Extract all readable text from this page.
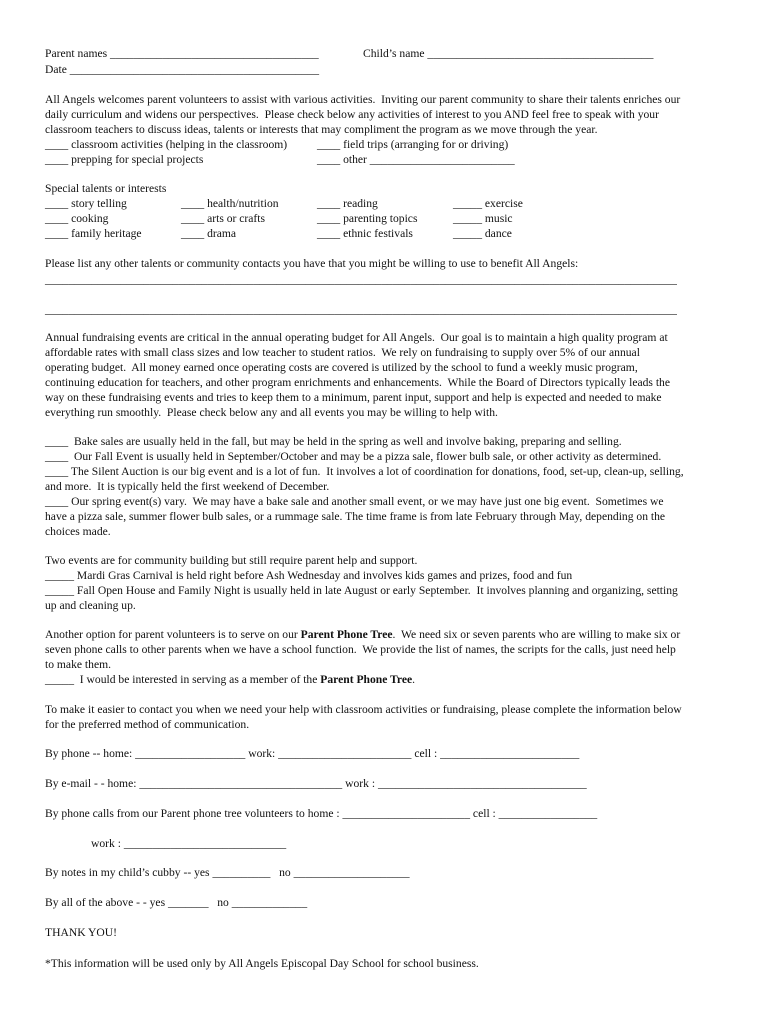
Parent names ____________________________________	Child’s name _______________________________________
Date ___________________________________________
All Angels welcomes parent volunteers to assist with various activities.  Inviting our parent community to share their talents enriches our
daily curriculum and widens our perspectives.  Please check below any activities of interest to you AND feel free to speak with your
classroom teachers to discuss ideas, talents or interests that may compliment the program as we move through the year.
____ classroom activities (helping in the classroom)	____ field trips (arranging for or driving)
____ prepping for special projects	____ other _________________________
Special talents or interests
____ story telling	____ health/nutrition	____ reading	_____ exercise
____ cooking	____ arts or crafts	____ parenting topics	_____ music
____ family heritage	____ drama	____ ethnic festivals	_____ dance
Please list any other talents or community contacts you have that you might be willing to use to benefit All Angels:
_____________________________________________________________________________________________________________
_____________________________________________________________________________________________________________
Annual fundraising events are critical in the annual operating budget for All Angels.  Our goal is to maintain a high quality program at
affordable rates with small class sizes and low teacher to student ratios.  We rely on fundraising to supply over 5% of our annual
operating budget.  All money earned once operating costs are covered is utilized by the school to fund a weekly music program,
continuing education for teachers, and other program enrichments and enhancements.  While the Board of Directors typically leads the
way on these fundraising events and tries to keep them to a minimum, parent input, support and help is expected and needed to make
everything run smoothly.  Please check below any and all events you may be willing to help with.
____  Bake sales are usually held in the fall, but may be held in the spring as well and involve baking, preparing and selling.
____  Our Fall Event is usually held in September/October and may be a pizza sale, flower bulb sale, or other activity as determined.
____ The Silent Auction is our big event and is a lot of fun.  It involves a lot of coordination for donations, food, set-up, clean-up, selling,
and more.  It is typically held the first weekend of December.
____ Our spring event(s) vary.  We may have a bake sale and another small event, or we may have just one big event.  Sometimes we
have a pizza sale, summer flower bulb sales, or a rummage sale. The time frame is from late February through May, depending on the
choices made.
Two events are for community building but still require parent help and support.
_____ Mardi Gras Carnival is held right before Ash Wednesday and involves kids games and prizes, food and fun
_____ Fall Open House and Family Night is usually held in late August or early September.  It involves planning and organizing, setting
up and cleaning up.
Another option for parent volunteers is to serve on our Parent Phone Tree.  We need six or seven parents who are willing to make six or
seven phone calls to other parents when we have a school function.  We provide the list of names, the scripts for the calls, just need help
to make them.
_____  I would be interested in serving as a member of the Parent Phone Tree.
To make it easier to contact you when we need your help with classroom activities or fundraising, please complete the information below
for the preferred method of communication.
By phone -- home: ___________________ work: _______________________ cell : ________________________
By e-mail - - home: ___________________________________ work : ____________________________________
By phone calls from our Parent phone tree volunteers to home : ______________________ cell : _________________
work : ____________________________
By notes in my child’s cubby -- yes __________   no ____________________
By all of the above - - yes _______   no _____________
THANK YOU!
*This information will be used only by All Angels Episcopal Day School for school business.
